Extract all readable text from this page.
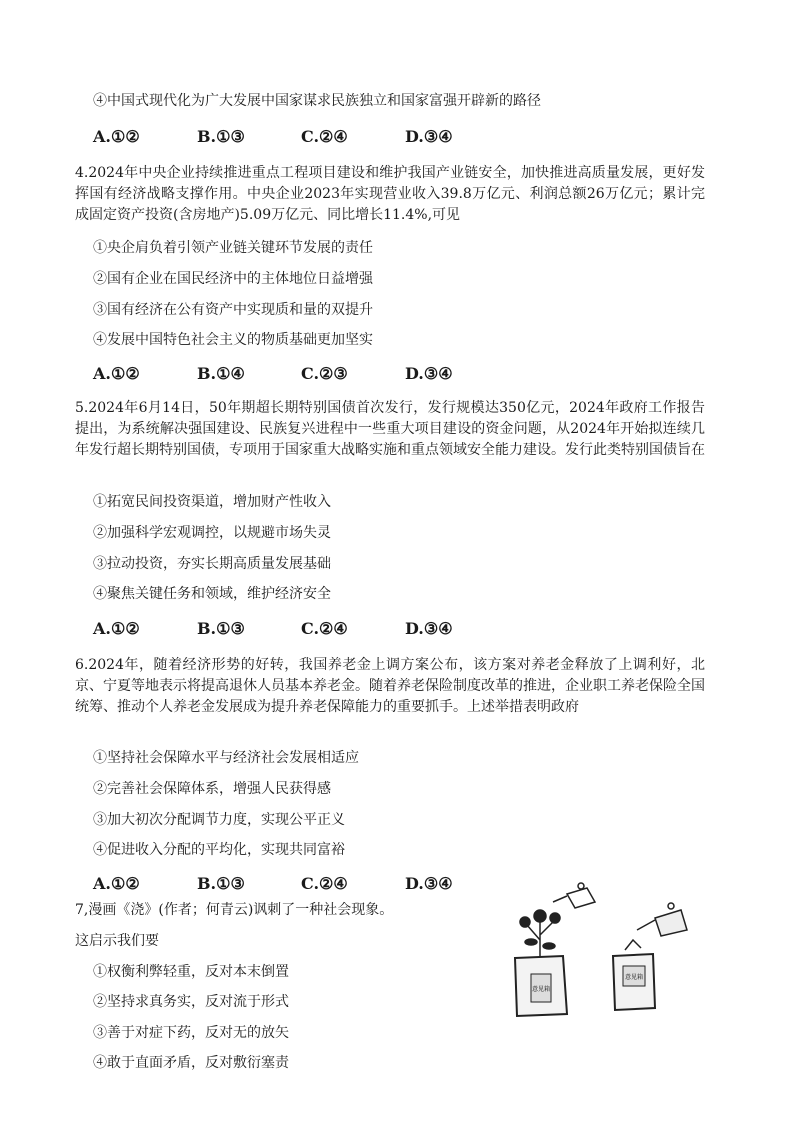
④中国式现代化为广大发展中国家谋求民族独立和国家富强开辟新的路径
A.①②	B.①③	C.②④	D.③④
4.2024年中央企业持续推进重点工程项目建设和维护我国产业链安全，加快推进高质量发展，更好发挥国有经济战略支撑作用。中央企业2023年实现营业收入39.8万亿元、利润总额26万亿元；累计完成固定资产投资(含房地产)5.09万亿元、同比增长11.4%,可见
①央企肩负着引领产业链关键环节发展的责任
②国有企业在国民经济中的主体地位日益增强
③国有经济在公有资产中实现质和量的双提升
④发展中国特色社会主义的物质基础更加坚实
A.①②	B.①④	C.②③	D.③④
5.2024年6月14日，50年期超长期特别国债首次发行，发行规模达350亿元，2024年政府工作报告提出，为系统解决强国建设、民族复兴进程中一些重大项目建设的资金问题，从2024年开始拟连续几年发行超长期特别国债，专项用于国家重大战略实施和重点领域安全能力建设。发行此类特别国债旨在
①拓宽民间投资渠道，增加财产性收入
②加强科学宏观调控，以规避市场失灵
③拉动投资，夯实长期高质量发展基础
④聚焦关键任务和领域，维护经济安全
A.①②	B.①③	C.②④	D.③④
6.2024年，随着经济形势的好转，我国养老金上调方案公布，该方案对养老金释放了上调利好，北京、宁夏等地表示将提高退休人员基本养老金。随着养老保险制度改革的推进，企业职工养老保险全国统筹、推动个人养老金发展成为提升养老保障能力的重要抓手。上述举措表明政府
①坚持社会保障水平与经济社会发展相适应
②完善社会保障体系，增强人民获得感
③加大初次分配调节力度，实现公平正义
④促进收入分配的平均化，实现共同富裕
A.①②	B.①③	C.②④	D.③④
7,漫画《浇》(作者；何青云)讽刺了一种社会现象。
这启示我们要
①权衡利弊轻重，反对本末倒置
②坚持求真务实，反对流于形式
③善于对症下药，反对无的放矢
④敢于直面矛盾，反对敷衍塞责
意见箱
意见箱
